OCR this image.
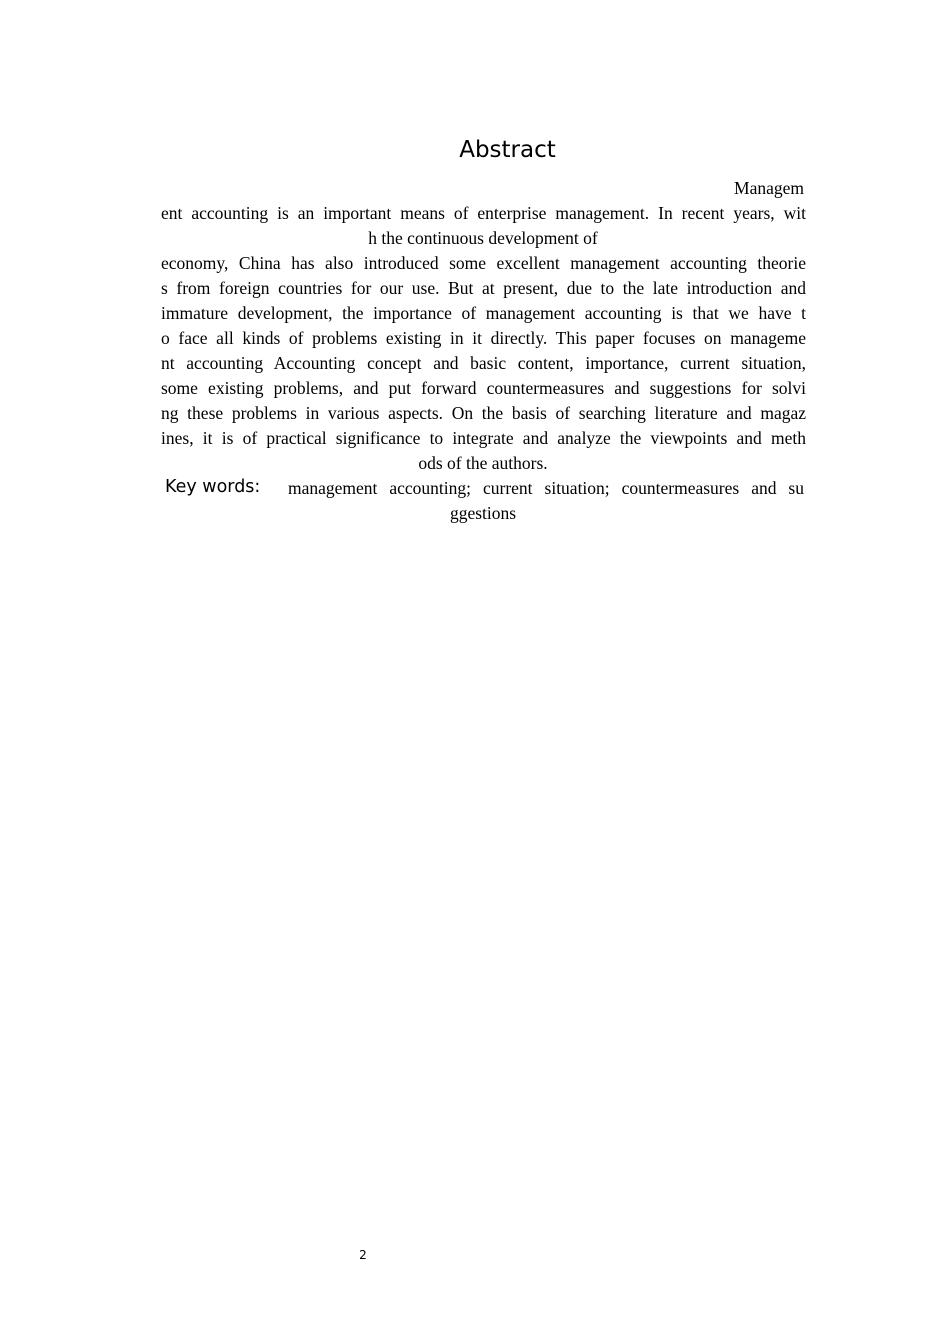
Abstract
Managem
ent accounting is an important means of enterprise management. In recent years, wit
h the continuous development of
economy, China has also introduced some excellent management accounting theorie
s from foreign countries for our use. But at present, due to the late introduction and
immature development, the importance of management accounting is that we have t
o face all kinds of problems existing in it directly. This paper focuses on manageme
nt accounting Accounting concept and basic content, importance, current situation,
some existing problems, and put forward countermeasures and suggestions for solvi
ng these problems in various aspects. On the basis of searching literature and magaz
ines, it is of practical significance to integrate and analyze the viewpoints and meth
ods of the authors.
Key words: management accounting; current situation; countermeasures and su
ggestions
2
